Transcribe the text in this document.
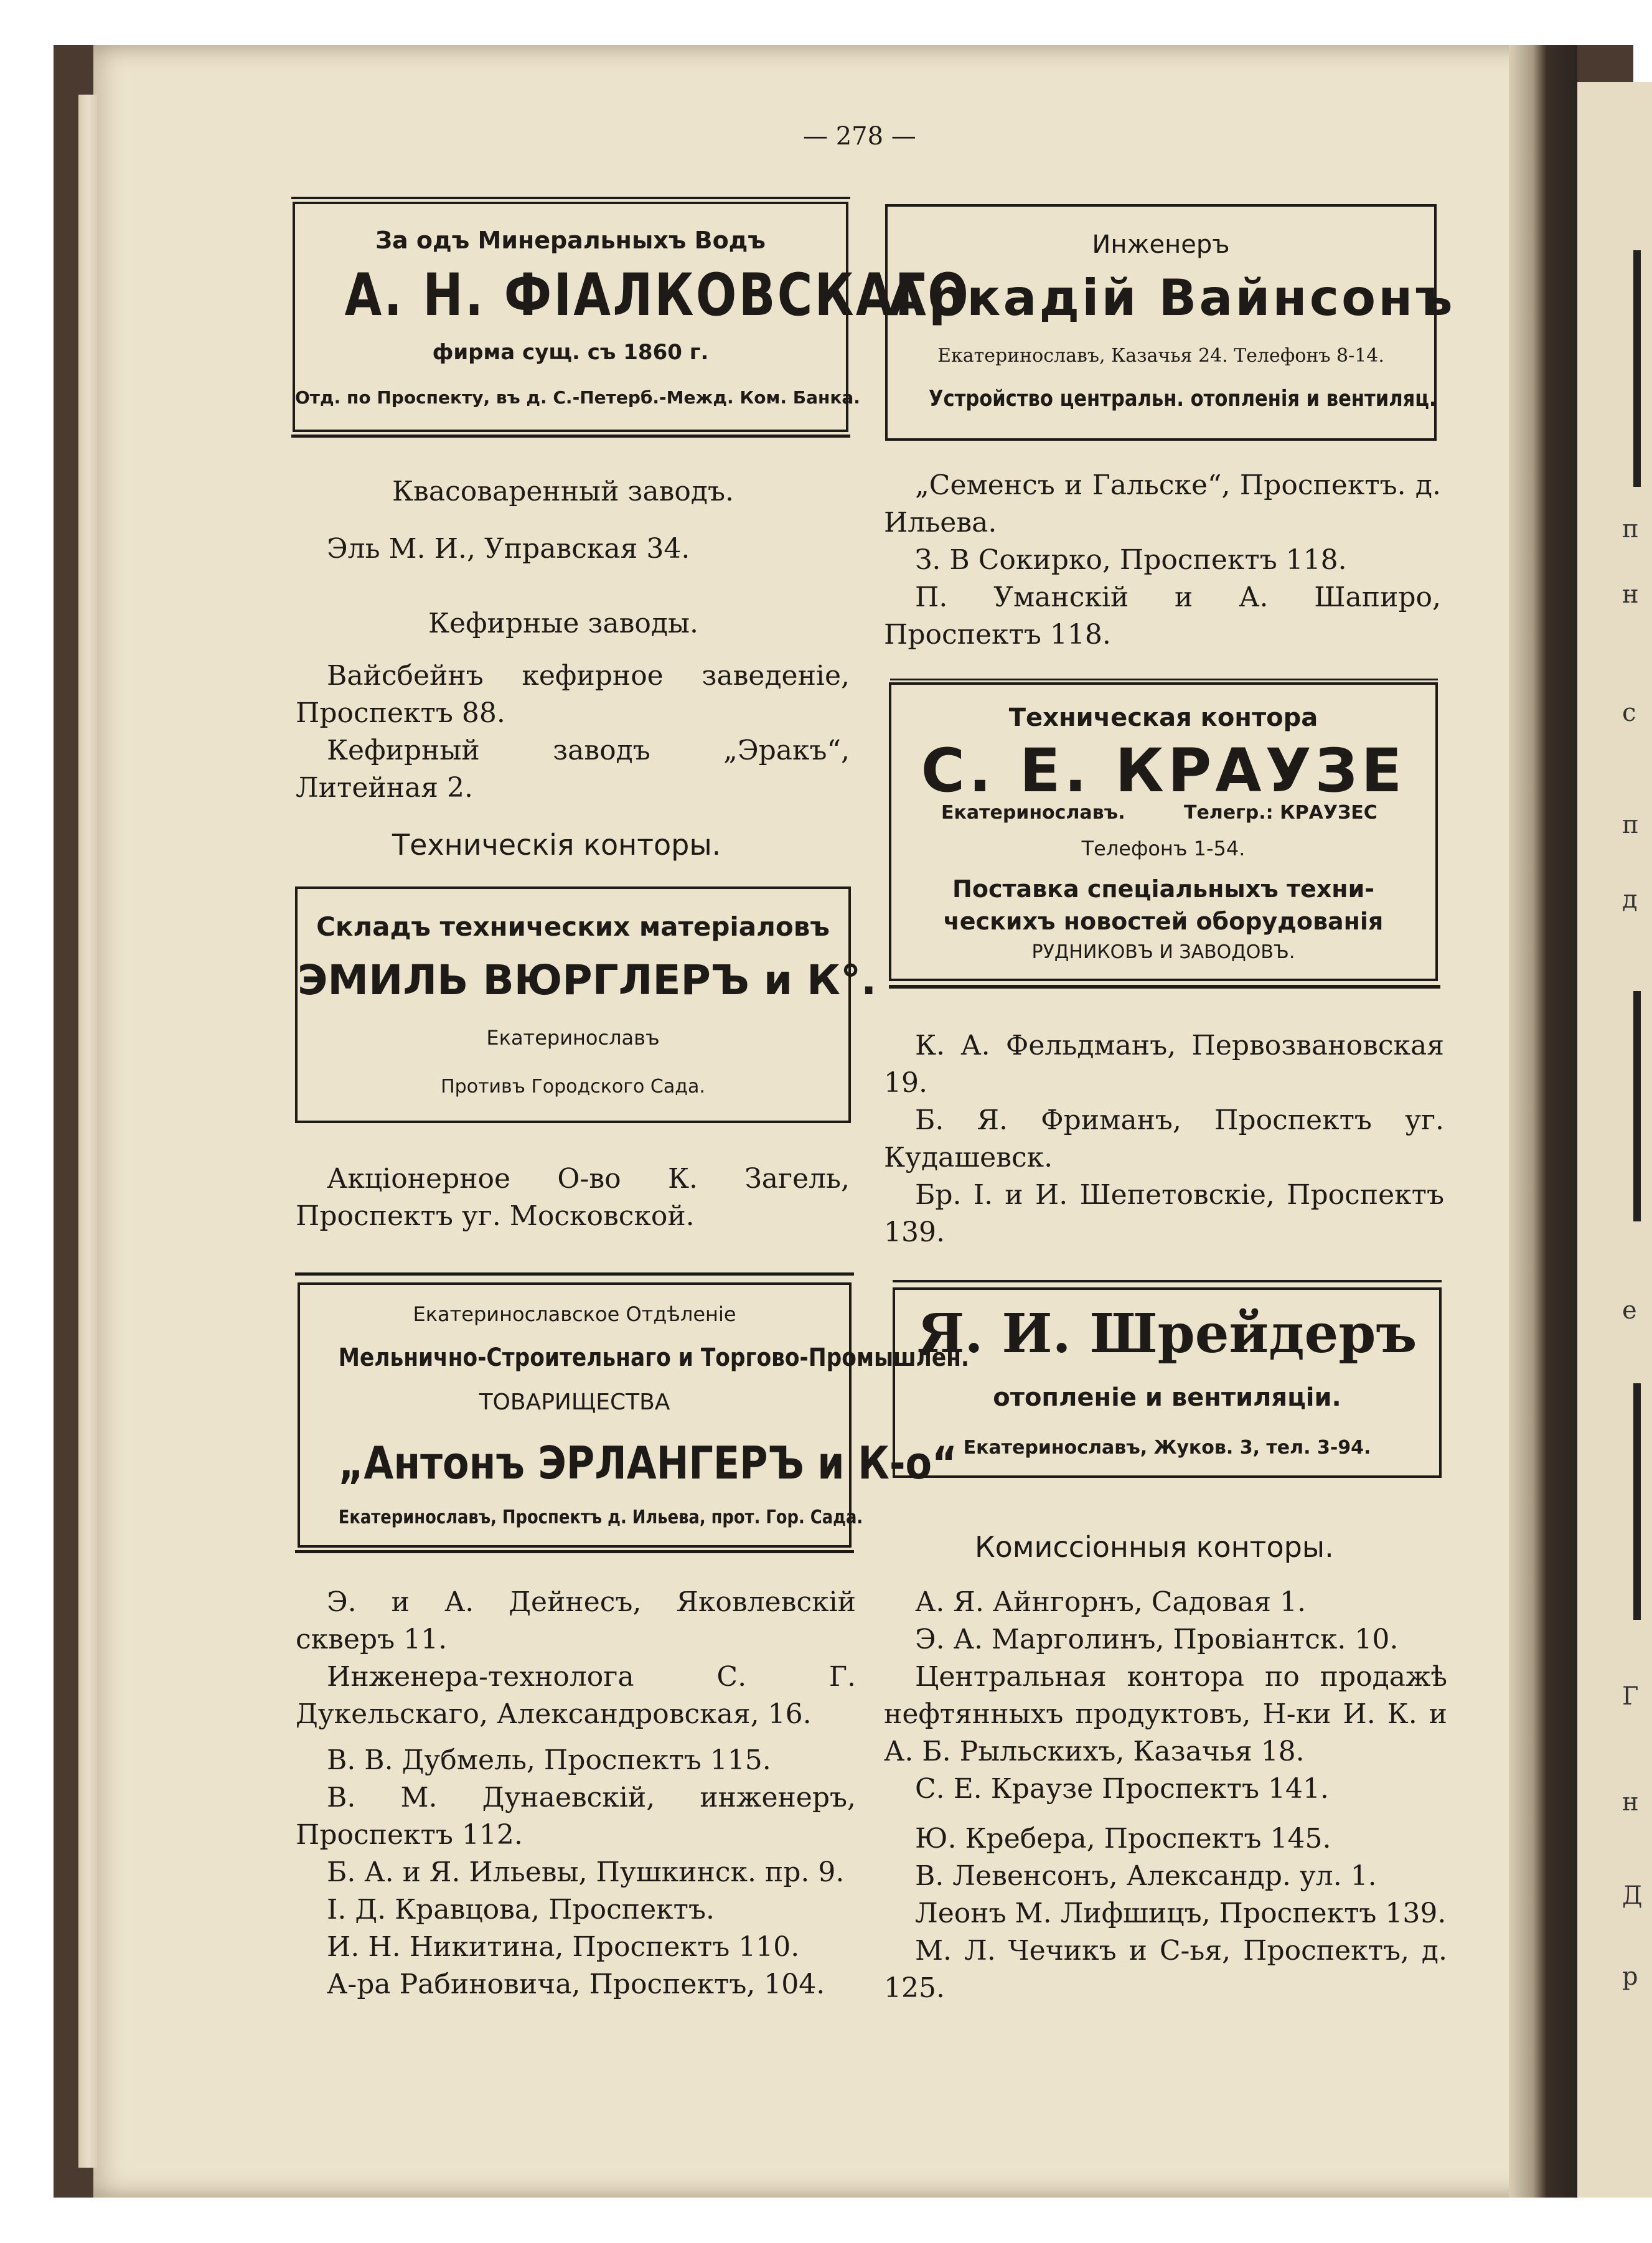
п
н
с
п
д
е
Г
н
Д
р
— 278 —
За одъ Минеральныхъ Водъ
А. Н. ФІАЛКОВСКАГО
фирма сущ. съ 1860 г.
Отд. по Проспекту, въ д. С.-Петерб.-Межд. Ком. Банка.
Квасоваренный заводъ.
Эль М. И., Управская 34.
Кефирные заводы.
Вайсбейнъ кефирное заведеніе, Проспектъ 88.
Кефирный заводъ „Эракъ“, Литейная 2.
Техническія конторы.
Складъ технических матеріаловъ
ЭМИЛЬ ВЮРГЛЕРЪ и К°.
Екатеринославъ
Противъ Городского Сада.
Акціонерное О-во К. Загель, Проспектъ уг. Московской.
Екатеринославское Отдѣленіе
Мельнично-Строительнаго и Торгово-Промышлен.
ТОВАРИЩЕСТВА
„Антонъ ЭРЛАНГЕРЪ и К-о“
Екатеринославъ, Проспектъ д. Ильева, прот. Гор. Сада.

Э. и А. Дейнесъ, Яковлевскій скверъ 11.

Инженера-технолога С. Г. Дукельскаго, Александровская, 16.

В. В. Дубмель, Проспектъ 115.

В. М. Дунаевскій, инженеръ, Проспектъ 112.

Б. А. и Я. Ильевы, Пушкинск. пр. 9.

І. Д. Кравцова, Проспектъ.

И. Н. Никитина, Проспектъ 110.

А-ра Рабиновича, Проспектъ, 104.

Инженеръ
Аркадій Вайнсонъ
Екатеринославъ, Казачья 24. Телефонъ 8-14.
Устройство центральн. отопленія и вентиляц.

„Семенсъ и Гальске“, Проспектъ. д. Ильева.

З. В Сокирко, Проспектъ 118.

П. Уманскій и А. Шапиро, Проспектъ 118.

Техническая контора
С. Е. КРАУЗЕ
Екатеринославъ.	Телегр.: КРАУЗЕС
Телефонъ 1-54.
Поставка спеціальныхъ техни-
ческихъ новостей оборудованія
РУДНИКОВЪ И ЗАВОДОВЪ.

К. А. Фельдманъ, Первозвановская 19.

Б. Я. Фриманъ, Проспектъ уг. Кудашевск.

Бр. І. и И. Шепетовскіе, Проспектъ 139.

Я. И. Шрейдеръ
отопленіе и вентиляціи.
Екатеринославъ, Жуков. 3, тел. 3-94.
Комиссіонныя конторы.

А. Я. Айнгорнъ, Садовая 1.

Э. А. Марголинъ, Провіантск. 10.

Центральная контора по продажѣ нефтянныхъ продуктовъ, Н-ки И. К. и А. Б. Рыльскихъ, Казачья 18.

С. Е. Краузе Проспектъ 141.

Ю. Кребера, Проспектъ 145.

В. Левенсонъ, Александр. ул. 1.

Леонъ М. Лифшицъ, Проспектъ 139.

М. Л. Чечикъ и С-ья, Проспектъ, д. 125.
